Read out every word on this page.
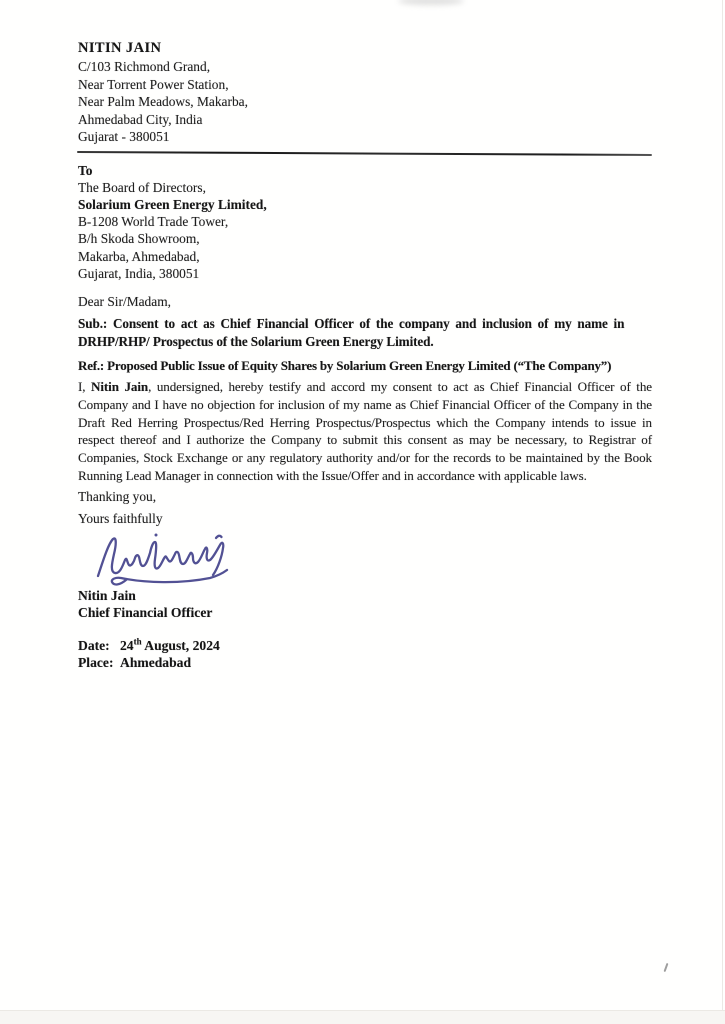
NITIN JAIN
C/103 Richmond Grand,
Near Torrent Power Station,
Near Palm Meadows, Makarba,
Ahmedabad City, India
Gujarat - 380051
To
The Board of Directors,
Solarium Green Energy Limited,
B-1208 World Trade Tower,
B/h Skoda Showroom,
Makarba, Ahmedabad,
Gujarat, India, 380051
Dear Sir/Madam,
Sub.: Consent to act as Chief Financial Officer of the company and inclusion of my name in
DRHP/RHP/ Prospectus of the Solarium Green Energy Limited.
Ref.: Proposed Public Issue of Equity Shares by Solarium Green Energy Limited (“The Company”)

I, Nitin Jain, undersigned, hereby testify and accord my consent to act as Chief Financial Officer of the Company and I have no objection for inclusion of my name as Chief Financial Officer of the Company in the Draft Red Herring Prospectus/Red Herring Prospectus/Prospectus which the Company intends to issue in respect thereof and I authorize the Company to submit this consent as may be necessary, to Registrar of Companies, Stock Exchange or any regulatory authority and/or for the records to be maintained by the Book Running Lead Manager in connection with the Issue/Offer and in accordance with applicable laws.

Thanking you,
Yours faithfully
Nitin Jain
Chief Financial Officer
Date: 24th August, 2024
Place: Ahmedabad
